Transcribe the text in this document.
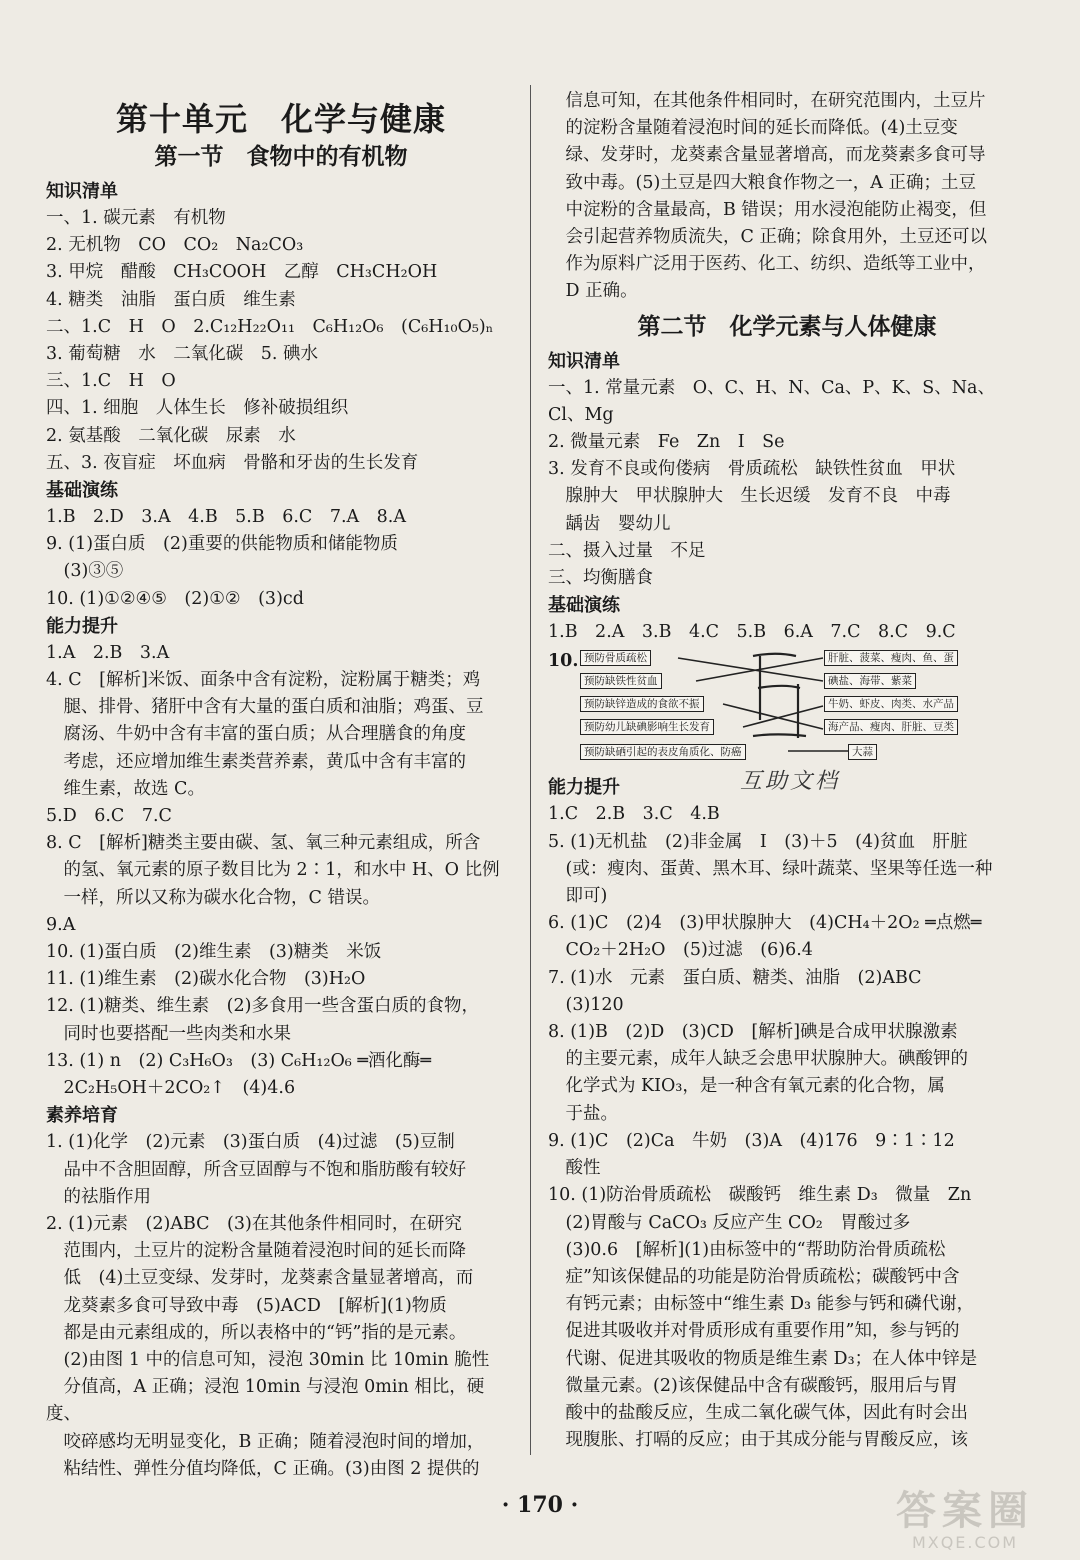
第十单元　化学与健康
第一节　食物中的有机物
知识清单
一、1. 碳元素　有机物
2. 无机物　CO　CO₂　Na₂CO₃
3. 甲烷　醋酸　CH₃COOH　乙醇　CH₃CH₂OH
4. 糖类　油脂　蛋白质　维生素
二、1.C　H　O　2.C₁₂H₂₂O₁₁　C₆H₁₂O₆　(C₆H₁₀O₅)ₙ
3. 葡萄糖　水　二氧化碳　5. 碘水
三、1.C　H　O
四、1. 细胞　人体生长　修补破损组织
2. 氨基酸　二氧化碳　尿素　水
五、3. 夜盲症　坏血病　骨骼和牙齿的生长发育
基础演练
1.B　2.D　3.A　4.B　5.B　6.C　7.A　8.A
9. (1)蛋白质　(2)重要的供能物质和储能物质
　(3)③⑤
10. (1)①②④⑤　(2)①②　(3)cd
能力提升
1.A　2.B　3.A
4. C　[解析]米饭、面条中含有淀粉，淀粉属于糖类；鸡
　腿、排骨、猪肝中含有大量的蛋白质和油脂；鸡蛋、豆
　腐汤、牛奶中含有丰富的蛋白质；从合理膳食的角度
　考虑，还应增加维生素类营养素，黄瓜中含有丰富的
　维生素，故选 C。
5.D　6.C　7.C
8. C　[解析]糖类主要由碳、氢、氧三种元素组成，所含
　的氢、氧元素的原子数目比为 2∶1，和水中 H、O 比例
　一样，所以又称为碳水化合物，C 错误。
9.A
10. (1)蛋白质　(2)维生素　(3)糖类　米饭
11. (1)维生素　(2)碳水化合物　(3)H₂O
12. (1)糖类、维生素　(2)多食用一些含蛋白质的食物，
　同时也要搭配一些肉类和水果
13. (1) n　(2) C₃H₆O₃　(3) C₆H₁₂O₆ ═酒化酶═
　2C₂H₅OH＋2CO₂↑　(4)4.6
素养培育
1. (1)化学　(2)元素　(3)蛋白质　(4)过滤　(5)豆制
　品中不含胆固醇，所含豆固醇与不饱和脂肪酸有较好
　的祛脂作用
2. (1)元素　(2)ABC　(3)在其他条件相同时，在研究
　范围内，土豆片的淀粉含量随着浸泡时间的延长而降
　低　(4)土豆变绿、发芽时，龙葵素含量显著增高，而
　龙葵素多食可导致中毒　(5)ACD　[解析](1)物质
　都是由元素组成的，所以表格中的“钙”指的是元素。
　(2)由图 1 中的信息可知，浸泡 30min 比 10min 脆性
　分值高，A 正确；浸泡 10min 与浸泡 0min 相比，硬度、
　咬碎感均无明显变化，B 正确；随着浸泡时间的增加，
　粘结性、弹性分值均降低，C 正确。(3)由图 2 提供的
　信息可知，在其他条件相同时，在研究范围内，土豆片
　的淀粉含量随着浸泡时间的延长而降低。(4)土豆变
　绿、发芽时，龙葵素含量显著增高，而龙葵素多食可导
　致中毒。(5)土豆是四大粮食作物之一，A 正确；土豆
　中淀粉的含量最高，B 错误；用水浸泡能防止褐变，但
　会引起营养物质流失，C 正确；除食用外，土豆还可以
　作为原料广泛用于医药、化工、纺织、造纸等工业中，
　D 正确。
第二节　化学元素与人体健康
知识清单
一、1. 常量元素　O、C、H、N、Ca、P、K、S、Na、Cl、Mg
2. 微量元素　Fe　Zn　I　Se
3. 发育不良或佝偻病　骨质疏松　缺铁性贫血　甲状
　腺肿大　甲状腺肿大　生长迟缓　发育不良　中毒
　龋齿　婴幼儿
二、摄入过量　不足
三、均衡膳食
基础演练
1.B　2.A　3.B　4.C　5.B　6.A　7.C　8.C　9.C
10. 预防骨质疏松
预防缺铁性贫血
预防缺锌造成的食欲不振
预防幼儿缺碘影响生长发育
预防缺硒引起的表皮角质化、防癌
肝脏、菠菜、瘦肉、鱼、蛋
碘盐、海带、紫菜
牛奶、虾皮、肉类、水产品
海产品、瘦肉、肝脏、豆类
大蒜
能力提升
1.C　2.B　3.C　4.B
5. (1)无机盐　(2)非金属　I　(3)＋5　(4)贫血　肝脏
　(或：瘦肉、蛋黄、黑木耳、绿叶蔬菜、坚果等任选一种
　即可)
6. (1)C　(2)4　(3)甲状腺肿大　(4)CH₄＋2O₂ ═点燃═
　CO₂＋2H₂O　(5)过滤　(6)6.4
7. (1)水　元素　蛋白质、糖类、油脂　(2)ABC
　(3)120
8. (1)B　(2)D　(3)CD　[解析]碘是合成甲状腺激素
　的主要元素，成年人缺乏会患甲状腺肿大。碘酸钾的
　化学式为 KIO₃，是一种含有氧元素的化合物，属
　于盐。
9. (1)C　(2)Ca　牛奶　(3)A　(4)176　9∶1∶12
　酸性
10. (1)防治骨质疏松　碳酸钙　维生素 D₃　微量　Zn
　(2)胃酸与 CaCO₃ 反应产生 CO₂　胃酸过多
　(3)0.6　[解析](1)由标签中的“帮助防治骨质疏松
　症”知该保健品的功能是防治骨质疏松；碳酸钙中含
　有钙元素；由标签中“维生素 D₃ 能参与钙和磷代谢，
　促进其吸收并对骨质形成有重要作用”知，参与钙的
　代谢、促进其吸收的物质是维生素 D₃；在人体中锌是
　微量元素。(2)该保健品中含有碳酸钙，服用后与胃
　酸中的盐酸反应，生成二氧化碳气体，因此有时会出
　现腹胀、打嗝的反应；由于其成分能与胃酸反应，该
互助文档
· 170 ·	答案圈
MXQE.COM
